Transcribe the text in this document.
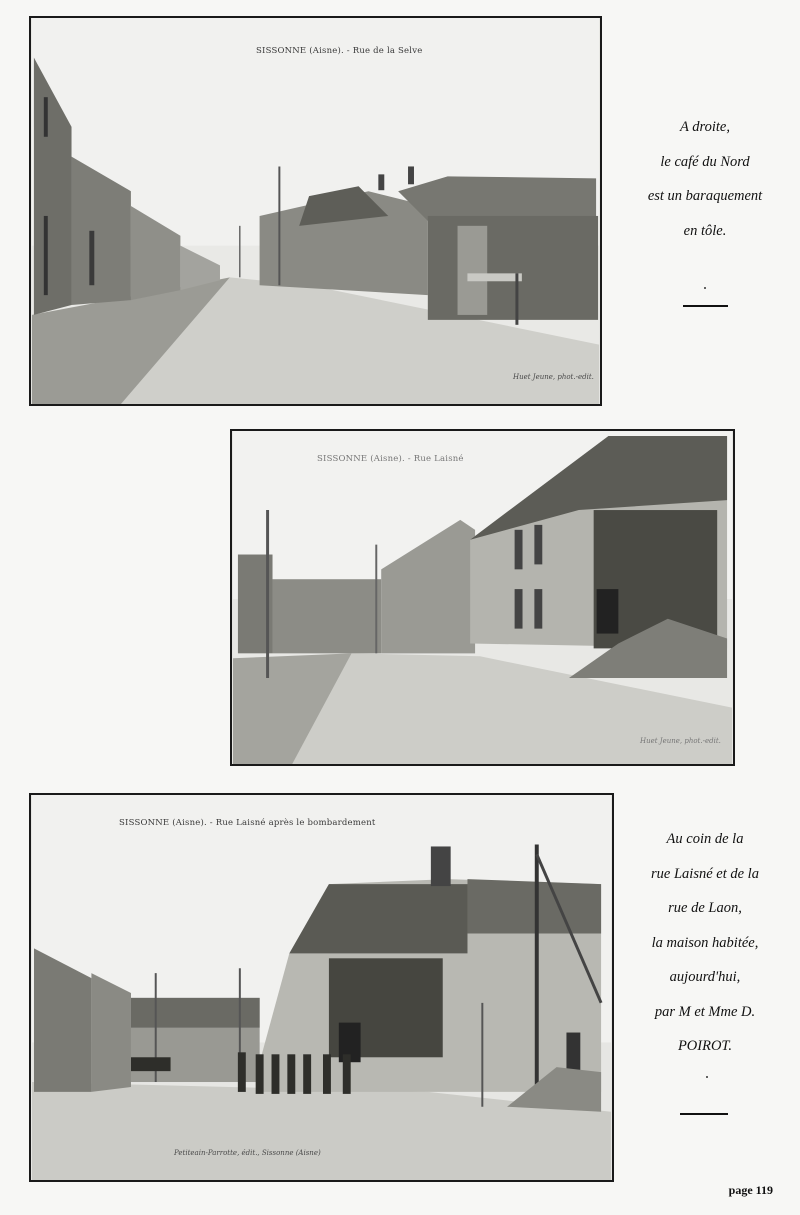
SISSONNE (Aisne). - Rue de la Selve
Huet Jeune, phot.-edit.
SISSONNE (Aisne). - Rue Laisné
Huet Jeune, phot.-edit.
SISSONNE (Aisne). - Rue Laisné après le bombardement
Petiteain-Parrotte, édit., Sissonne (Aisne)
A droite,
le café du Nord
est un baraquement
en tôle.
Au coin de la
rue Laisné et de la
rue de Laon,
la maison habitée,
aujourd'hui,
par M et Mme D.
POIROT.
page 119
